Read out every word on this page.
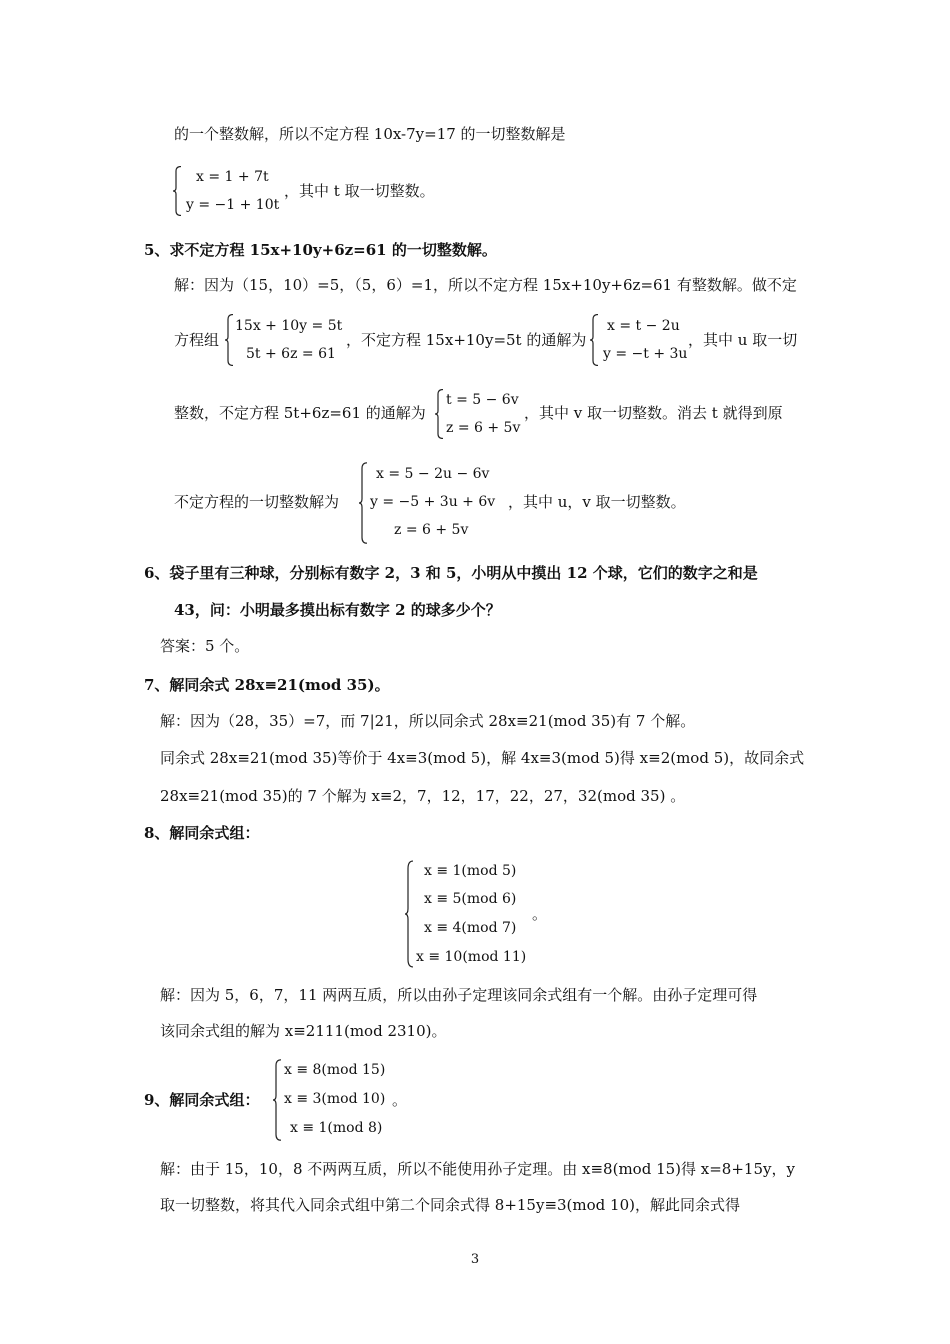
的一个整数解，所以不定方程 10x-7y=17 的一切整数解是
x = 1 + 7t
y = −1 + 10t
，其中 t 取一切整数。
5、求不定方程 15x+10y+6z=61 的一切整数解。
解：因为（15，10）=5，（5，6）=1，所以不定方程 15x+10y+6z=61 有整数解。做不定
方程组
15x + 10y = 5t
5t + 6z = 61
，不定方程 15x+10y=5t 的通解为
x = t − 2u
y = −t + 3u
，其中 u 取一切
整数，不定方程 5t+6z=61 的通解为
t = 5 − 6v
z = 6 + 5v
，其中 v 取一切整数。消去 t 就得到原
不定方程的一切整数解为
x = 5 − 2u − 6v
y = −5 + 3u + 6v
z = 6 + 5v
，其中 u，v 取一切整数。
6、袋子里有三种球，分别标有数字 2，3 和 5，小明从中摸出 12 个球，它们的数字之和是
43，问：小明最多摸出标有数字 2 的球多少个？
答案：5 个。
7、解同余式 28x≡21(mod 35)。
解：因为（28，35）=7，而 7|21，所以同余式 28x≡21(mod 35)有 7 个解。
同余式 28x≡21(mod 35)等价于 4x≡3(mod 5)，解 4x≡3(mod 5)得 x≡2(mod 5)，故同余式
28x≡21(mod 35)的 7 个解为 x≡2，7，12，17，22，27，32(mod 35) 。
8、解同余式组：
x ≡ 1(mod 5)
x ≡ 5(mod 6)
x ≡ 4(mod 7)
x ≡ 10(mod 11)
。
解：因为 5，6，7，11 两两互质，所以由孙子定理该同余式组有一个解。由孙子定理可得
该同余式组的解为 x≡2111(mod 2310)。
9、解同余式组：
x ≡ 8(mod 15)
x ≡ 3(mod 10)
x ≡ 1(mod 8)
。
解：由于 15，10，8 不两两互质，所以不能使用孙子定理。由 x≡8(mod 15)得 x=8+15y，y
取一切整数，将其代入同余式组中第二个同余式得 8+15y≡3(mod 10)，解此同余式得
3
